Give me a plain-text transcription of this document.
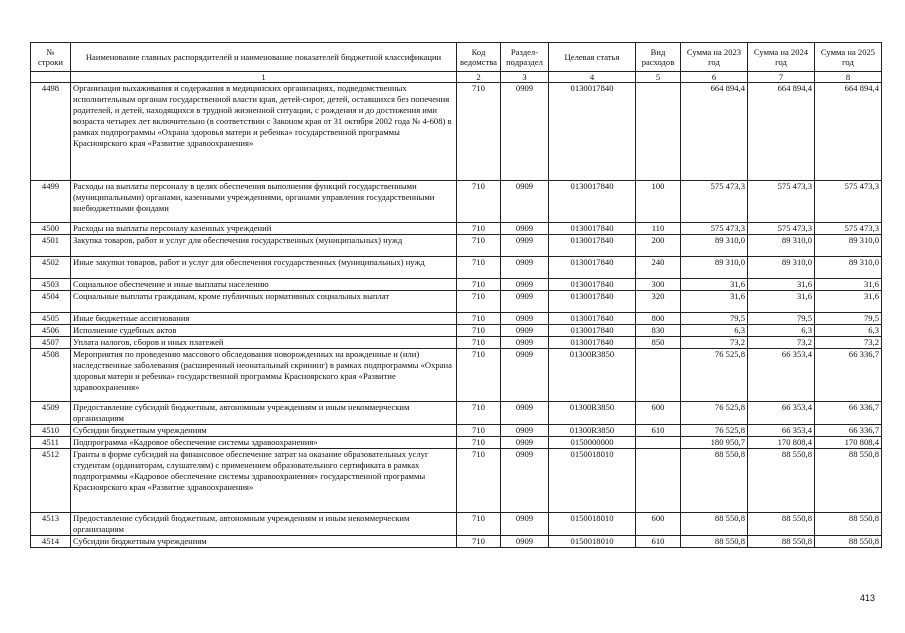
№ строки	Наименование главных распорядителей и наименование показателей бюджетной классификации	Код ведомства	Раздел-подраздел	Целевая статья	Вид расходов	Сумма на 2023 год	Сумма на 2024 год	Сумма на 2025 год
	1	2	3	4	5	6	7	8
4498	Организация выхаживания и содержания в медицинских организациях, подведомственных исполнительным органам государственной власти края, детей-сирот, детей, оставшихся без попечения родителей, и детей, находящихся в трудной жизненной ситуации, с рождения и до достижения ими возраста четырех лет включительно (в соответствии с Законом края от 31 октября 2002 года № 4-608) в рамках подпрограммы «Охрана здоровья матери и ребенка» государственной программы Красноярского края «Развитие здравоохранения»	710	0909	0130017840		664 894,4	664 894,4	664 894,4
4499	Расходы на выплаты персоналу в целях обеспечения выполнения функций государственными (муниципальными) органами, казенными учреждениями, органами управления государственными внебюджетными фондами	710	0909	0130017840	100	575 473,3	575 473,3	575 473,3
4500	Расходы на выплаты персоналу казенных учреждений	710	0909	0130017840	110	575 473,3	575 473,3	575 473,3
4501	Закупка товаров, работ и услуг для обеспечения государственных (муниципальных) нужд	710	0909	0130017840	200	89 310,0	89 310,0	89 310,0
4502	Иные закупки товаров, работ и услуг для обеспечения государственных (муниципальных) нужд	710	0909	0130017840	240	89 310,0	89 310,0	89 310,0
4503	Социальное обеспечение и иные выплаты населению	710	0909	0130017840	300	31,6	31,6	31,6
4504	Социальные выплаты гражданам, кроме публичных нормативных социальных выплат	710	0909	0130017840	320	31,6	31,6	31,6
4505	Иные бюджетные ассигнования	710	0909	0130017840	800	79,5	79,5	79,5
4506	Исполнение судебных актов	710	0909	0130017840	830	6,3	6,3	6,3
4507	Уплата налогов, сборов и иных платежей	710	0909	0130017840	850	73,2	73,2	73,2
4508	Мероприятия по проведению массового обследования новорожденных на врожденные и (или) наследственные заболевания (расширенный неонатальный скрининг) в рамках подпрограммы «Охрана здоровья матери и ребенка» государственной программы Красноярского края «Развитие здравоохранения»	710	0909	01300R3850		76 525,8	66 353,4	66 336,7
4509	Предоставление субсидий бюджетным, автономным учреждениям и иным некоммерческим организациям	710	0909	01300R3850	600	76 525,8	66 353,4	66 336,7
4510	Субсидии бюджетным учреждениям	710	0909	01300R3850	610	76 525,8	66 353,4	66 336,7
4511	Подпрограмма «Кадровое обеспечение системы здравоохранения»	710	0909	0150000000		180 950,7	170 808,4	170 808,4
4512	Гранты в форме субсидий на финансовое обеспечение затрат на оказание образовательных услуг студентам (ординаторам, слушателям) с применением образовательного сертификата в рамках подпрограммы «Кадровое обеспечение системы здравоохранения» государственной программы Красноярского края «Развитие здравоохранения»	710	0909	0150018010		88 550,8	88 550,8	88 550,8
4513	Предоставление субсидий бюджетным, автономным учреждениям и иным некоммерческим организациям	710	0909	0150018010	600	88 550,8	88 550,8	88 550,8
4514	Субсидии бюджетным учреждениям	710	0909	0150018010	610	88 550,8	88 550,8	88 550,8
413
